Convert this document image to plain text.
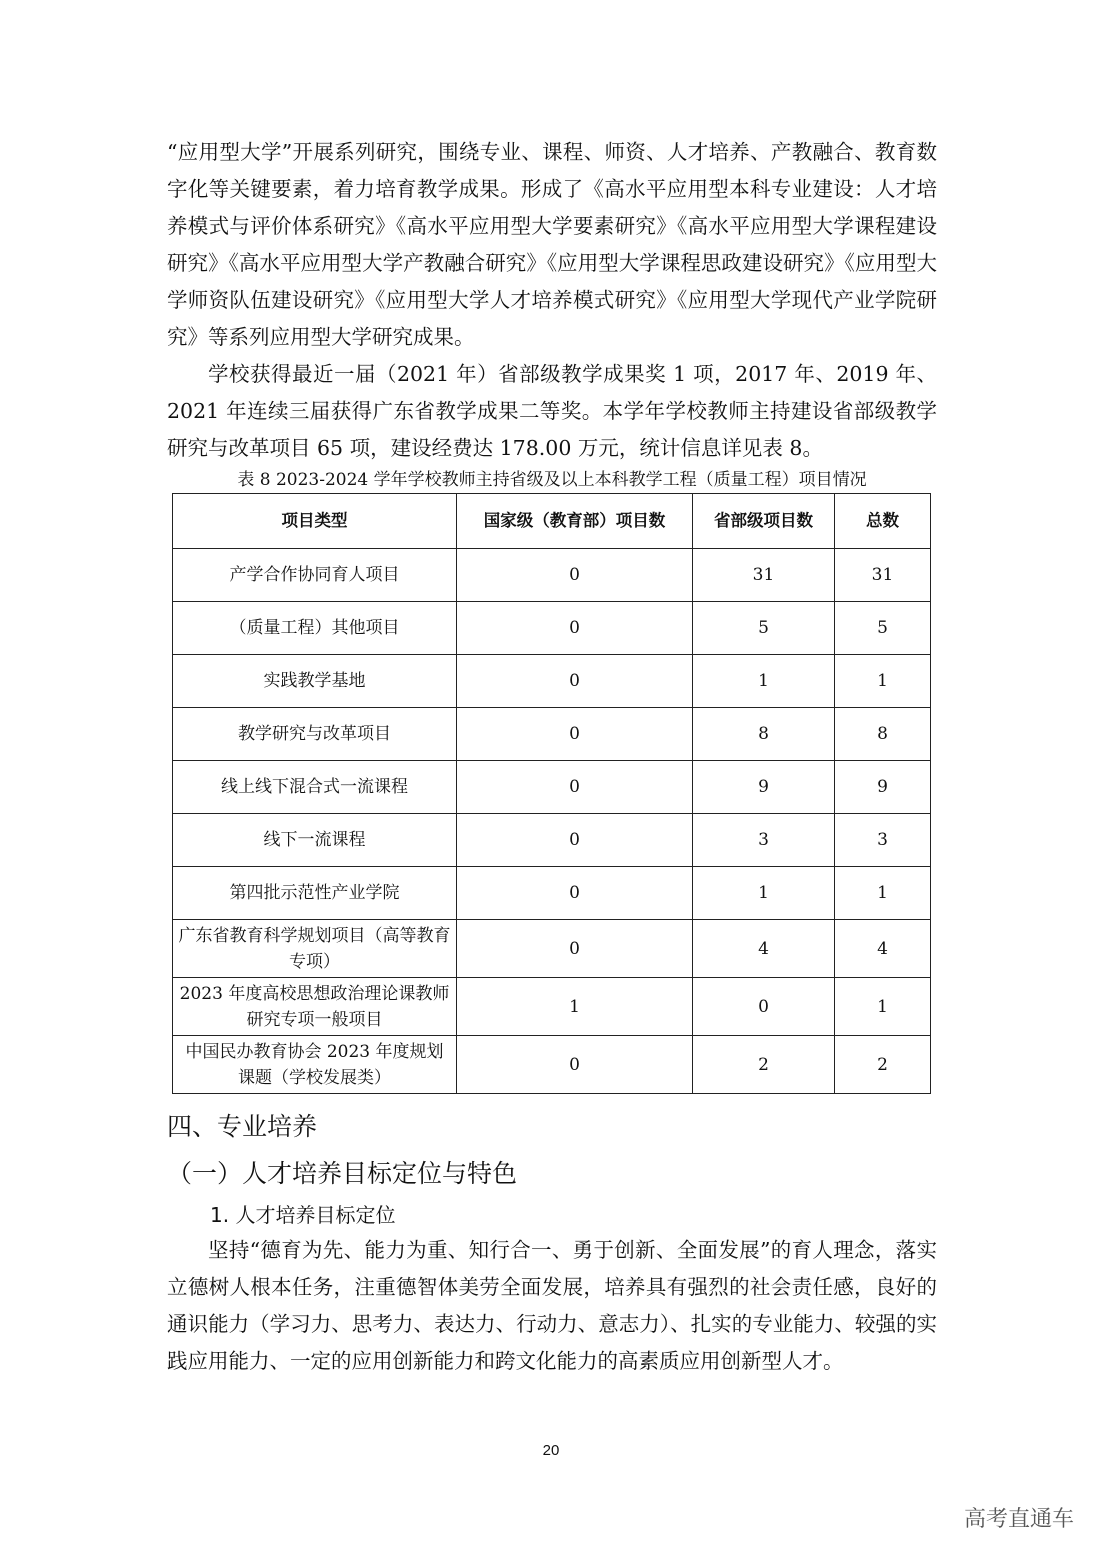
“应用型大学”开展系列研究，围绕专业、课程、师资、人才培养、产教融合、教育数字化等关键要素，着力培育教学成果。形成了《高水平应用型本科专业建设：人才培养模式与评价体系研究》《高水平应用型大学要素研究》《高水平应用型大学课程建设研究》《高水平应用型大学产教融合研究》《应用型大学课程思政建设研究》《应用型大学师资队伍建设研究》《应用型大学人才培养模式研究》《应用型大学现代产业学院研究》等系列应用型大学研究成果。

学校获得最近一届（2021 年）省部级教学成果奖 1 项，2017 年、2019 年、2021 年连续三届获得广东省教学成果二等奖。本学年学校教师主持建设省部级教学研究与改革项目 65 项，建设经费达 178.00 万元，统计信息详见表 8。

表 8 2023-2024 学年学校教师主持省级及以上本科教学工程（质量工程）项目情况

项目类型	国家级（教育部）项目数	省部级项目数	总数
产学合作协同育人项目	0	31	31
（质量工程）其他项目	0	5	5
实践教学基地	0	1	1
教学研究与改革项目	0	8	8
线上线下混合式一流课程	0	9	9
线下一流课程	0	3	3
第四批示范性产业学院	0	1	1
广东省教育科学规划项目（高等教育专项）	0	4	4
2023 年度高校思想政治理论课教师研究专项一般项目	1	0	1
中国民办教育协会 2023 年度规划课题（学校发展类）	0	2	2
四、专业培养
（一）人才培养目标定位与特色
1. 人才培养目标定位

坚持“德育为先、能力为重、知行合一、勇于创新、全面发展”的育人理念，落实立德树人根本任务，注重德智体美劳全面发展，培养具有强烈的社会责任感，良好的通识能力（学习力、思考力、表达力、行动力、意志力）、扎实的专业能力、较强的实践应用能力、一定的应用创新能力和跨文化能力的高素质应用创新型人才。

20
高考直通车
